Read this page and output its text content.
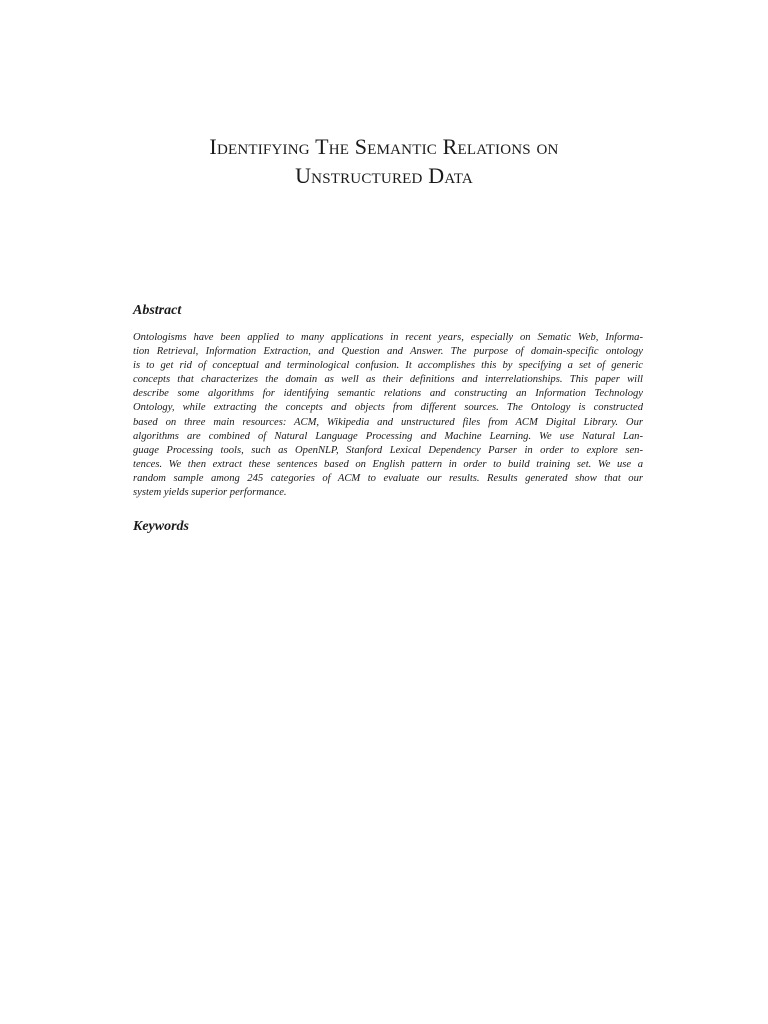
Identifying The Semantic Relations on
Unstructured Data
Abstract

Ontologisms have been applied to many applications in recent years, especially on Sematic Web, Informa-
tion Retrieval, Information Extraction, and Question and Answer. The purpose of domain-specific ontology
is to get rid of conceptual and terminological confusion. It accomplishes this by specifying a set of generic
concepts that characterizes the domain as well as their definitions and interrelationships. This paper will
describe some algorithms for identifying semantic relations and constructing an Information Technology
Ontology, while extracting the concepts and objects from different sources. The Ontology is constructed
based on three main resources: ACM, Wikipedia and unstructured files from ACM Digital Library. Our
algorithms are combined of Natural Language Processing and Machine Learning. We use Natural Lan-
guage Processing tools, such as OpenNLP, Stanford Lexical Dependency Parser in order to explore sen-
tences. We then extract these sentences based on English pattern in order to build training set. We use a
random sample among 245 categories of ACM to evaluate our results. Results generated show that our
system yields superior performance.

Keywords
